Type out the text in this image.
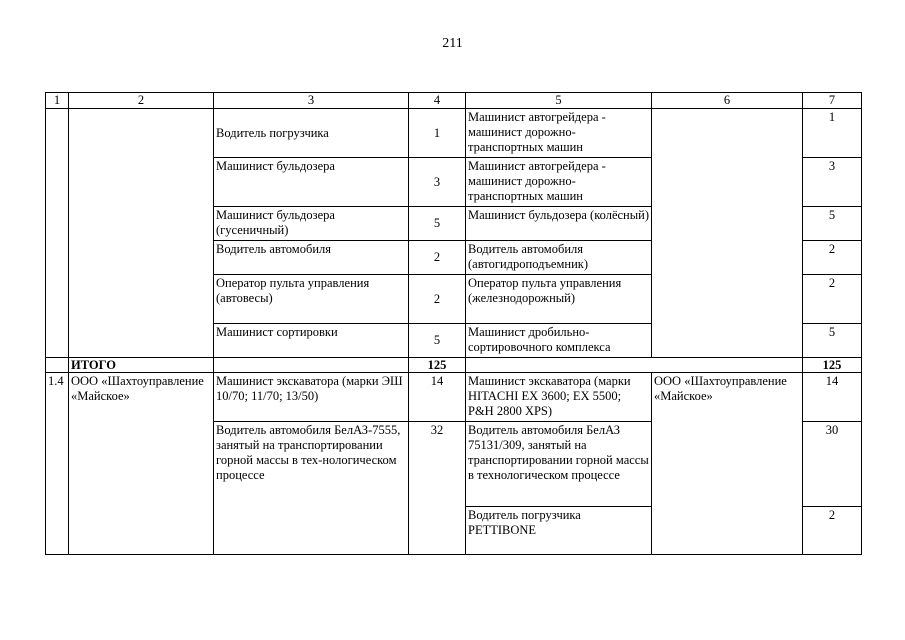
211
1	2	3	4	5	6	7
		Водитель погрузчика	1	Машинист автогрейдера - машинист дорожно-транспортных машин		1
		Машинист бульдозера	3	Машинист автогрейдера - машинист дорожно-транспортных машин		3
		Машинист бульдозера (гусеничный)	5	Машинист бульдозера (колёсный)		5
		Водитель автомобиля	2	Водитель автомобиля (автогидроподъемник)		2
		Оператор пульта управления (автовесы)	2	Оператор пульта управления (железнодорожный)		2
		Машинист сортировки	5	Машинист дробильно-сортировочного комплекса		5
	ИТОГО		125			125
1.4	ООО «Шахтоуправление «Майское»	Машинист экскаватора (марки ЭШ 10/70; 11/70; 13/50)	14	Машинист экскаватора (марки HITACHI EX 3600; EX 5500; P&H 2800 XPS)	ООО «Шахтоуправление «Майское»	14
		Водитель автомобиля БелАЗ-7555, занятый на транспортировании горной массы в тех-нологическом процессе	32	Водитель автомобиля БелАЗ 75131/309, занятый на транспортировании горной массы в технологическом процессе		30
				Водитель погрузчика PETTIBONE		2
